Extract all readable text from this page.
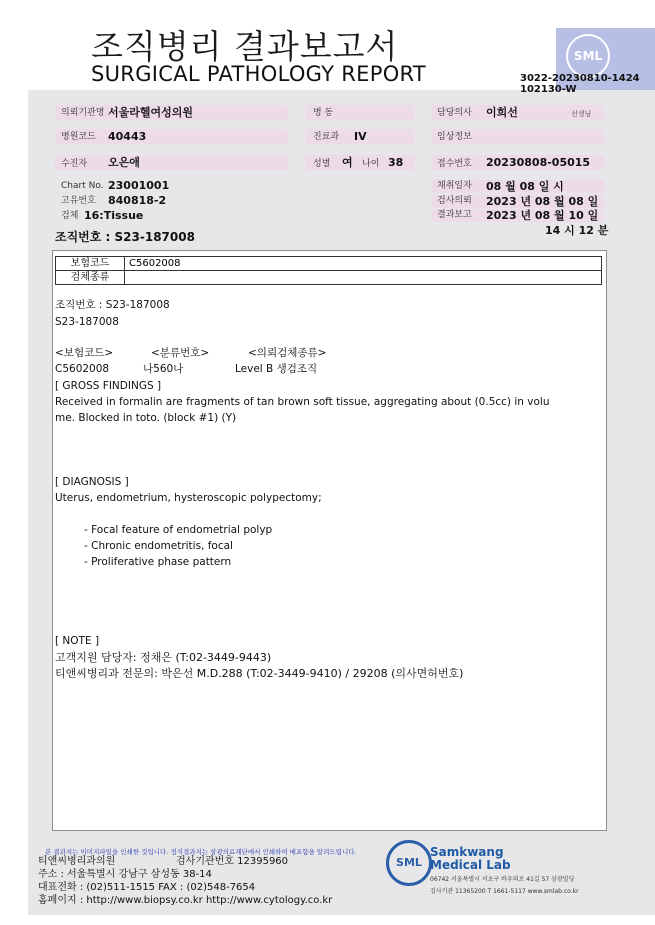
조직병리 결과보고서
SURGICAL PATHOLOGY REPORT
SML
3022-20230810-1424
102130-W
의뢰기관명 서울라헬여성의원	병 동	담당의사 이희선	선생님
병원코드 40443	진료과 IV	임상정보
수진자 오은애	성별 여 나이 38	접수번호 20230808-05015
Chart No. 23001001
고유번호 840818-2
검체 16:Tissue
조직번호 : S23-187008
채취일자 08 월 08 일 시
검사의뢰 2023 년 08 월 08 일
결과보고 2023 년 08 월 10 일
14 시 12 분
보험코드	C5602008
검체종류	
조직번호 : S23-187008
S23-187008
<보험코드>	<분류번호>	<의뢰검체종류>
C5602008	나560나	Level B 생검조직
[ GROSS FINDINGS ]
Received in formalin are fragments of tan brown soft tissue, aggregating about (0.5cc) in volu
me. Blocked in toto. (block #1) (Y)
[ DIAGNOSIS ]
Uterus, endometrium, hysteroscopic polypectomy;
- Focal feature of endometrial polyp
- Chronic endometritis, focal
- Proliferative phase pattern
[ NOTE ]
고객지원 담당자: 정채은 (T:02-3449-9443)
티앤씨병리과 전문의: 박은선 M.D.288 (T:02-3449-9410) / 29208 (의사면허번호)
본 결과지는 이미지파일을 인쇄한 것입니다. 정식결과지는 삼광의료재단에서 인쇄하여 배포함을 알려드립니다.
티앤씨병리과의원	검사기관번호 12395960
주소 : 서울특별시 강남구 삼성동 38-14
대표전화 : (02)511-1515 FAX : (02)548-7654
홈페이지 : http://www.biopsy.co.kr http://www.cytology.co.kr
SML
Samkwang
Medical Lab
06742 서울특별시 서초구 바우뫼로 41길 57 삼광빌딩
검사기관 11365200 T 1661-5117 www.smlab.co.kr
